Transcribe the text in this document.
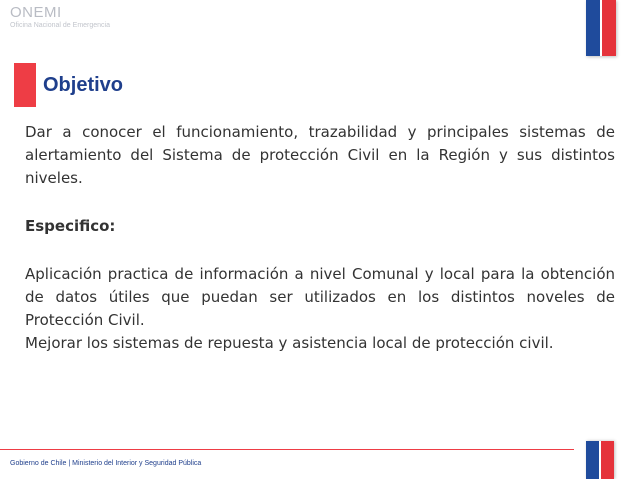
ONEMI
Oficina Nacional de Emergencia
Objetivo

Dar a conocer el funcionamiento, trazabilidad y principales sistemas de alertamiento del Sistema de protección Civil en la Región y sus distintos niveles.

Especifico:

Aplicación practica de información a nivel Comunal y local para la obtención de datos útiles que puedan ser utilizados en los distintos noveles de Protección Civil.

Mejorar los sistemas de repuesta y asistencia local de protección civil.

Gobierno de Chile | Ministerio del Interior y Seguridad Pública
